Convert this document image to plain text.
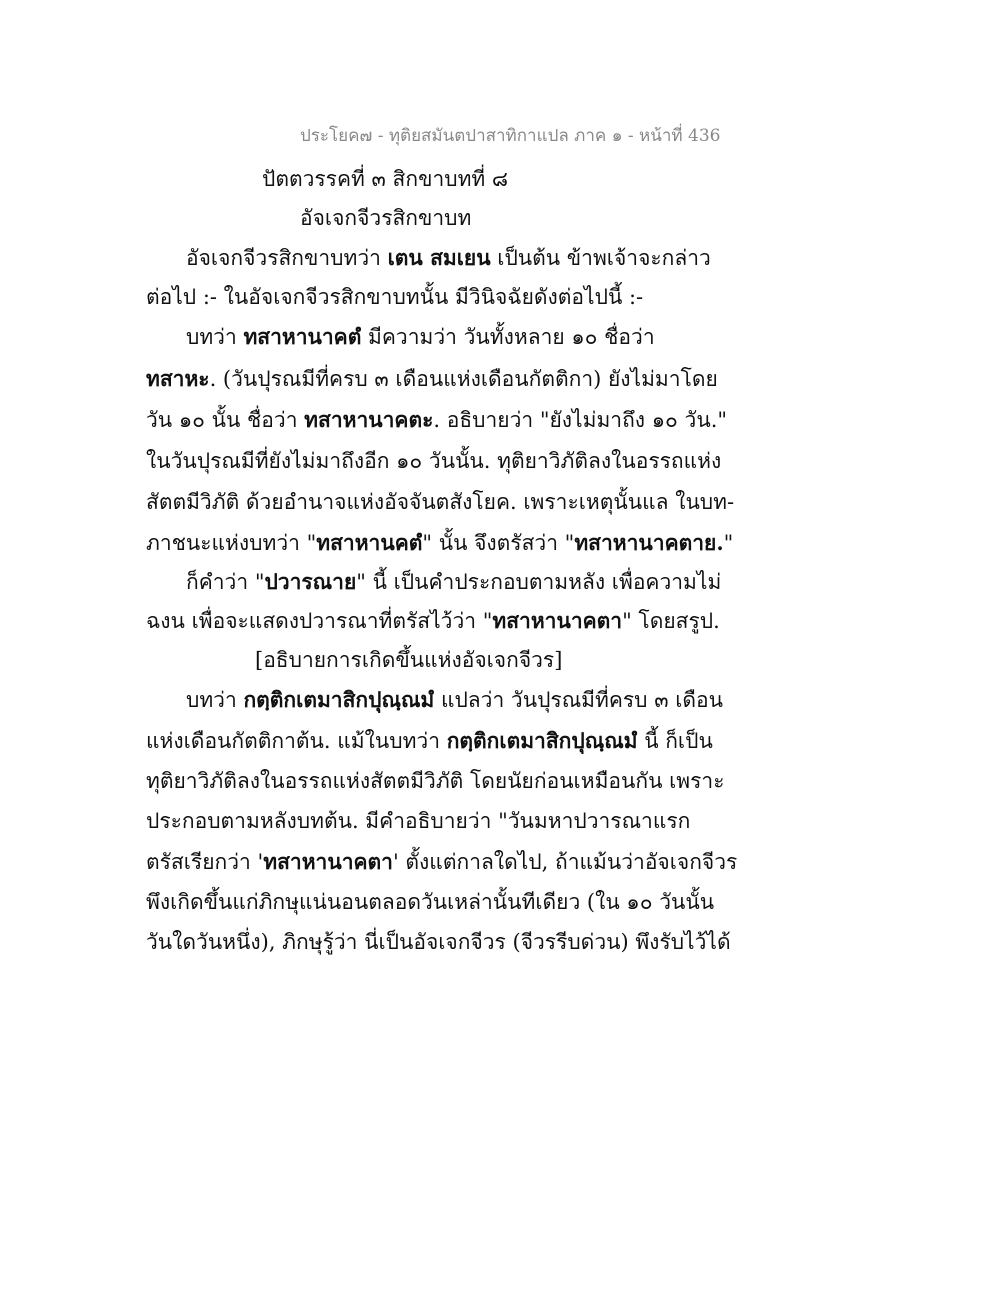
ประโยค๗ - ทุติยสมันตปาสาทิกาแปล ภาค ๑ - หน้าที่ 436
ปัตตวรรคที่ ๓ สิกขาบทที่ ๘
อัจเจกจีวรสิกขาบท
อัจเจกจีวรสิกขาบทว่า เตน สมเยน เป็นต้น ข้าพเจ้าจะกล่าว
ต่อไป :- ในอัจเจกจีวรสิกขาบทนั้น มีวินิจฉัยดังต่อไปนี้ :-
บทว่า ทสาหานาคตํ มีความว่า วันทั้งหลาย ๑๐ ชื่อว่า
ทสาหะ. (วันปุรณมีที่ครบ ๓ เดือนแห่งเดือนกัตติกา) ยังไม่มาโดย
วัน ๑๐ นั้น ชื่อว่า ทสาหานาคตะ. อธิบายว่า "ยังไม่มาถึง ๑๐ วัน."
ในวันปุรณมีที่ยังไม่มาถึงอีก ๑๐ วันนั้น. ทุติยาวิภัติลงในอรรถแห่ง
สัตตมีวิภัติ ด้วยอำนาจแห่งอัจจันตสังโยค. เพราะเหตุนั้นแล ในบท-
ภาชนะแห่งบทว่า "ทสาหานคตํ" นั้น จึงตรัสว่า "ทสาหานาคตาย."
ก็คำว่า "ปวารณาย" นี้ เป็นคำประกอบตามหลัง เพื่อความไม่
ฉงน เพื่อจะแสดงปวารณาที่ตรัสไว้ว่า "ทสาหานาคตา" โดยสรูป.
[อธิบายการเกิดขึ้นแห่งอัจเจกจีวร]
บทว่า กตฺติกเตมาสิกปุณฺณมํ แปลว่า วันปุรณมีที่ครบ ๓ เดือน
แห่งเดือนกัตติกาต้น. แม้ในบทว่า กตฺติกเตมาสิกปุณฺณมํ นี้ ก็เป็น
ทุติยาวิภัติลงในอรรถแห่งสัตตมีวิภัติ โดยนัยก่อนเหมือนกัน เพราะ
ประกอบตามหลังบทต้น. มีคำอธิบายว่า "วันมหาปวารณาแรก
ตรัสเรียกว่า 'ทสาหานาคตา' ตั้งแต่กาลใดไป, ถ้าแม้นว่าอัจเจกจีวร
พึงเกิดขึ้นแก่ภิกษุแน่นอนตลอดวันเหล่านั้นทีเดียว (ใน ๑๐ วันนั้น
วันใดวันหนึ่ง), ภิกษุรู้ว่า นี่เป็นอัจเจกจีวร (จีวรรีบด่วน) พึงรับไว้ได้
